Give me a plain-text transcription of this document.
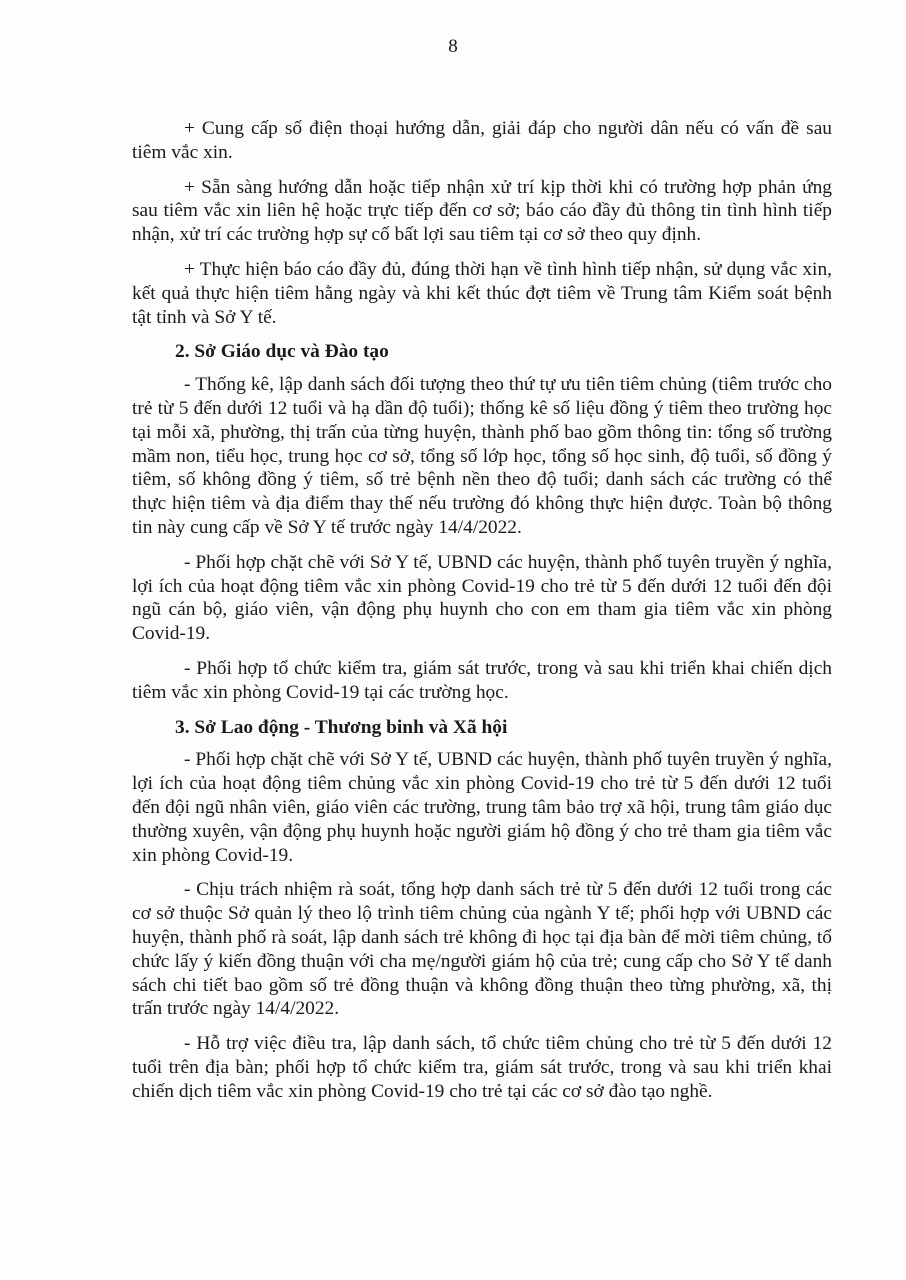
8

+ Cung cấp số điện thoại hướng dẫn, giải đáp cho người dân nếu có vấn đề sau tiêm vắc xin.

+ Sẵn sàng hướng dẫn hoặc tiếp nhận xử trí kịp thời khi có trường hợp phản ứng sau tiêm vắc xin liên hệ hoặc trực tiếp đến cơ sở; báo cáo đầy đủ thông tin tình hình tiếp nhận, xử trí các trường hợp sự cố bất lợi sau tiêm tại cơ sở theo quy định.

+ Thực hiện báo cáo đầy đủ, đúng thời hạn về tình hình tiếp nhận, sử dụng vắc xin, kết quả thực hiện tiêm hằng ngày và khi kết thúc đợt tiêm về Trung tâm Kiểm soát bệnh tật tỉnh và Sở Y tế.

2. Sở Giáo dục và Đào tạo

- Thống kê, lập danh sách đối tượng theo thứ tự ưu tiên tiêm chủng (tiêm trước cho trẻ từ 5 đến dưới 12 tuổi và hạ dần độ tuổi); thống kê số liệu đồng ý tiêm theo trường học tại mỗi xã, phường, thị trấn của từng huyện, thành phố bao gồm thông tin: tổng số trường mầm non, tiểu học, trung học cơ sở, tổng số lớp học, tổng số học sinh, độ tuổi, số đồng ý tiêm, số không đồng ý tiêm, số trẻ bệnh nền theo độ tuổi; danh sách các trường có thể thực hiện tiêm và địa điểm thay thế nếu trường đó không thực hiện được. Toàn bộ thông tin này cung cấp về Sở Y tế trước ngày 14/4/2022.

- Phối hợp chặt chẽ với Sở Y tế, UBND các huyện, thành phố tuyên truyền ý nghĩa, lợi ích của hoạt động tiêm vắc xin phòng Covid-19 cho trẻ từ 5 đến dưới 12 tuổi đến đội ngũ cán bộ, giáo viên, vận động phụ huynh cho con em tham gia tiêm vắc xin phòng Covid-19.

- Phối hợp tổ chức kiểm tra, giám sát trước, trong và sau khi triển khai chiến dịch tiêm vắc xin phòng Covid-19 tại các trường học.

3. Sở Lao động - Thương binh và Xã hội

- Phối hợp chặt chẽ với Sở Y tế, UBND các huyện, thành phố tuyên truyền ý nghĩa, lợi ích của hoạt động tiêm chủng vắc xin phòng Covid-19 cho trẻ từ 5 đến dưới 12 tuổi đến đội ngũ nhân viên, giáo viên các trường, trung tâm bảo trợ xã hội, trung tâm giáo dục thường xuyên, vận động phụ huynh hoặc người giám hộ đồng ý cho trẻ tham gia tiêm vắc xin phòng Covid-19.

- Chịu trách nhiệm rà soát, tổng hợp danh sách trẻ từ 5 đến dưới 12 tuổi trong các cơ sở thuộc Sở quản lý theo lộ trình tiêm chủng của ngành Y tế; phối hợp với UBND các huyện, thành phố rà soát, lập danh sách trẻ không đi học tại địa bàn để mời tiêm chủng, tổ chức lấy ý kiến đồng thuận với cha mẹ/người giám hộ của trẻ; cung cấp cho Sở Y tế danh sách chi tiết bao gồm số trẻ đồng thuận và không đồng thuận theo từng phường, xã, thị trấn trước ngày 14/4/2022.

- Hỗ trợ việc điều tra, lập danh sách, tổ chức tiêm chủng cho trẻ từ 5 đến dưới 12 tuổi trên địa bàn; phối hợp tổ chức kiểm tra, giám sát trước, trong và sau khi triển khai chiến dịch tiêm vắc xin phòng Covid-19 cho trẻ tại các cơ sở đào tạo nghề.
